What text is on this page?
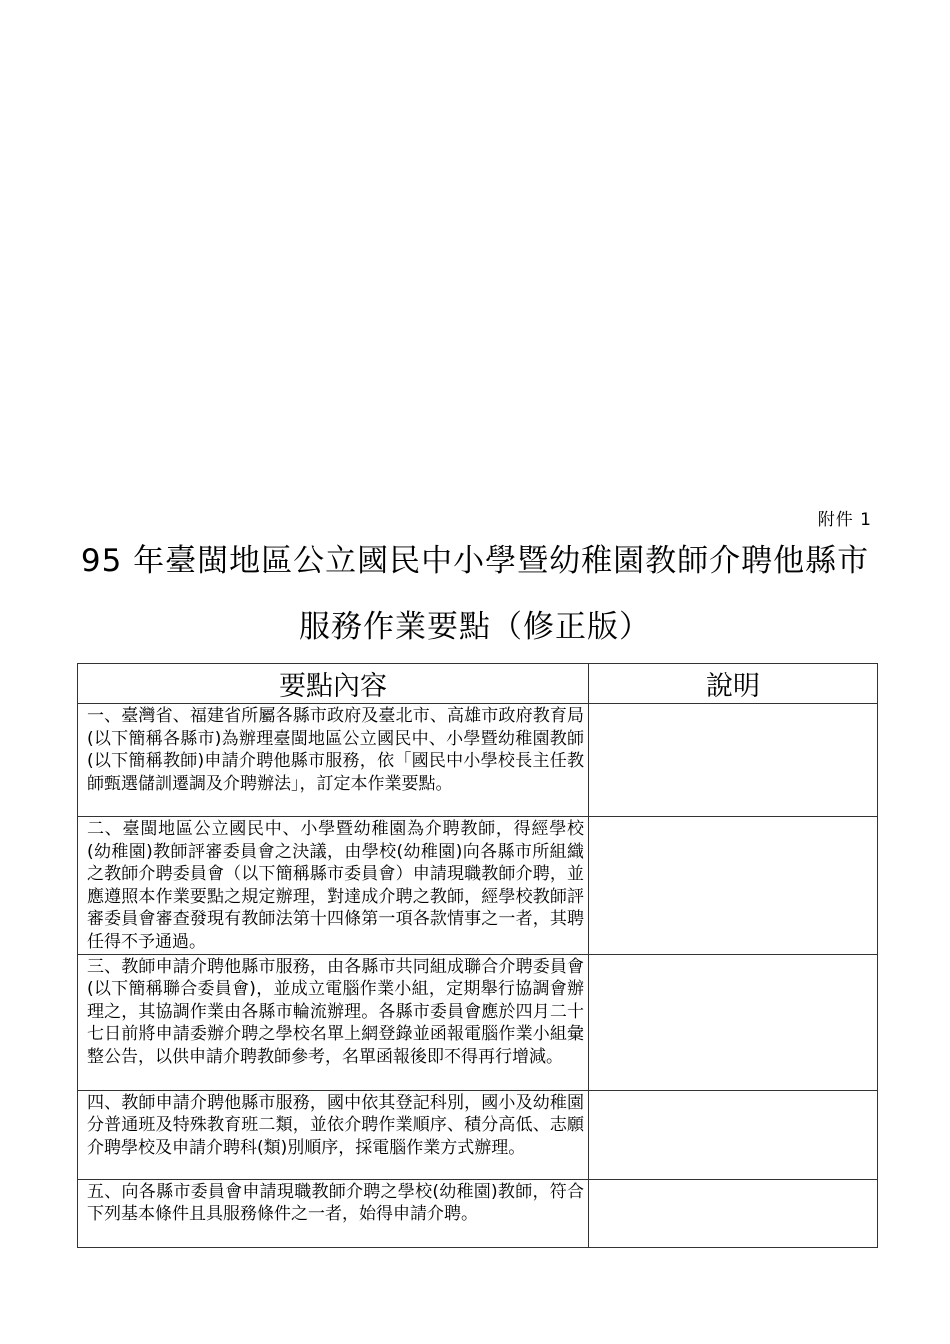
附件 1
95 年臺閩地區公立國民中小學暨幼稚園教師介聘他縣市
服務作業要點（修正版）
要點內容	說明
一、臺灣省、福建省所屬各縣市政府及臺北市、高雄市政府教育局(以下簡稱各縣市)為辦理臺閩地區公立國民中、小學暨幼稚園教師(以下簡稱教師)申請介聘他縣市服務，依「國民中小學校長主任教師甄選儲訓遷調及介聘辦法」，訂定本作業要點。	
二、臺閩地區公立國民中、小學暨幼稚園為介聘教師，得經學校(幼稚園)教師評審委員會之決議，由學校(幼稚園)向各縣市所組織之教師介聘委員會（以下簡稱縣市委員會）申請現職教師介聘，並應遵照本作業要點之規定辦理，對達成介聘之教師，經學校教師評審委員會審查發現有教師法第十四條第一項各款情事之一者，其聘任得不予通過。	
三、教師申請介聘他縣市服務，由各縣市共同組成聯合介聘委員會(以下簡稱聯合委員會)，並成立電腦作業小組，定期舉行協調會辦理之，其協調作業由各縣市輪流辦理。各縣市委員會應於四月二十七日前將申請委辦介聘之學校名單上網登錄並函報電腦作業小組彙整公告，以供申請介聘教師參考，名單函報後即不得再行增減。	
四、教師申請介聘他縣市服務，國中依其登記科別，國小及幼稚園分普通班及特殊教育班二類，並依介聘作業順序、積分高低、志願介聘學校及申請介聘科(類)別順序，採電腦作業方式辦理。	
五、向各縣市委員會申請現職教師介聘之學校(幼稚園)教師，符合下列基本條件且具服務條件之一者，始得申請介聘。	
